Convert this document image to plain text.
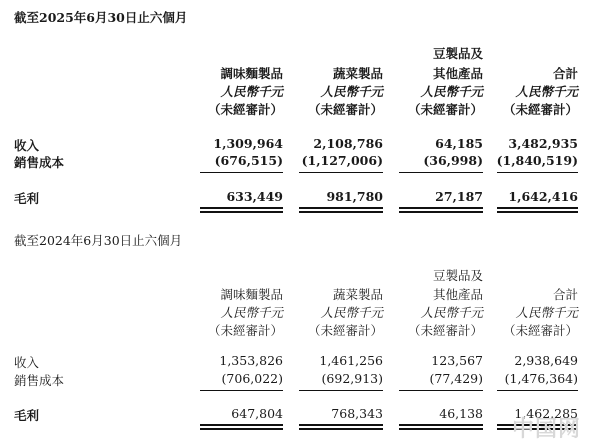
截至2025年6月30日止六個月
豆製品及
調味麵製品	蔬菜製品	其他產品	合計
人民幣千元	人民幣千元	人民幣千元	人民幣千元
（未經審計）	（未經審計）	（未經審計）	（未經審計）
收入	1,309,964	2,108,786	64,185	3,482,935
銷售成本	(676,515)	(1,127,006)	(36,998)	(1,840,519)
毛利	633,449	981,780	27,187	1,642,416
截至2024年6月30日止六個月
豆製品及
調味麵製品	蔬菜製品	其他產品	合計
人民幣千元	人民幣千元	人民幣千元	人民幣千元
（未經審計）	（未經審計）	（未經審計）	（未經審計）
收入	1,353,826	1,461,256	123,567	2,938,649
銷售成本	(706,022)	(692,913)	(77,429)	(1,476,364)
毛利	647,804	768,343	46,138	1,462,285
中国网
